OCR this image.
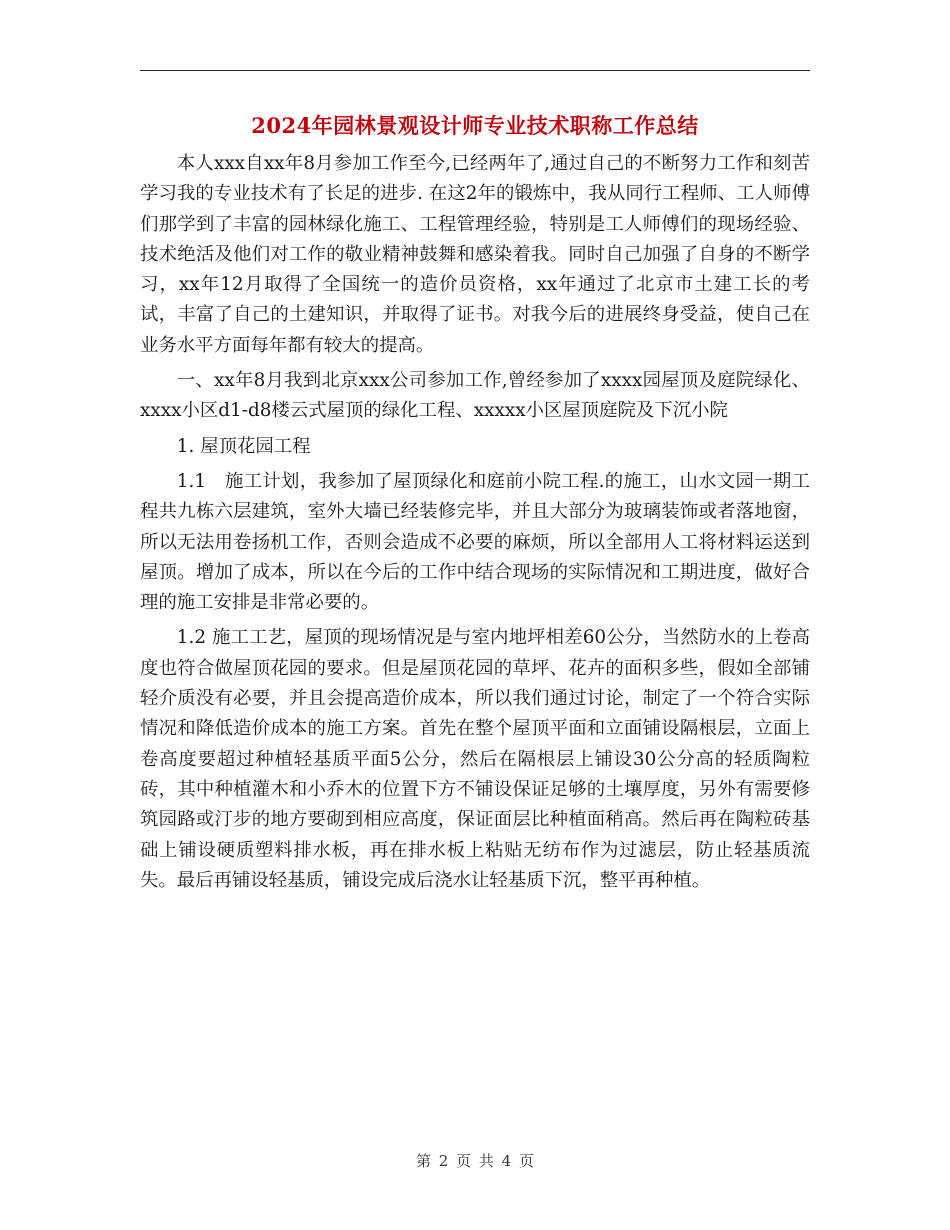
2024年园林景观设计师专业技术职称工作总结

本人xxx自xx年8月参加工作至今,已经两年了,通过自己的不断努力工作和刻苦学习我的专业技术有了长足的进步. 在这2年的锻炼中，我从同行工程师、工人师傅们那学到了丰富的园林绿化施工、工程管理经验，特别是工人师傅们的现场经验、技术绝活及他们对工作的敬业精神鼓舞和感染着我。同时自己加强了自身的不断学习，xx年12月取得了全国统一的造价员资格，xx年通过了北京市土建工长的考试，丰富了自己的土建知识，并取得了证书。对我今后的进展终身受益，使自己在业务水平方面每年都有较大的提高。

一、xx年8月我到北京xxx公司参加工作,曾经参加了xxxx园屋顶及庭院绿化、xxxx小区d1-d8楼云式屋顶的绿化工程、xxxxx小区屋顶庭院及下沉小院

1. 屋顶花园工程

1.1　施工计划，我参加了屋顶绿化和庭前小院工程.的施工，山水文园一期工程共九栋六层建筑，室外大墙已经装修完毕，并且大部分为玻璃装饰或者落地窗，所以无法用卷扬机工作，否则会造成不必要的麻烦，所以全部用人工将材料运送到屋顶。增加了成本，所以在今后的工作中结合现场的实际情况和工期进度，做好合理的施工安排是非常必要的。

1.2 施工工艺，屋顶的现场情况是与室内地坪相差60公分，当然防水的上卷高度也符合做屋顶花园的要求。但是屋顶花园的草坪、花卉的面积多些，假如全部铺轻介质没有必要，并且会提高造价成本，所以我们通过讨论，制定了一个符合实际情况和降低造价成本的施工方案。首先在整个屋顶平面和立面铺设隔根层，立面上卷高度要超过种植轻基质平面5公分，然后在隔根层上铺设30公分高的轻质陶粒砖，其中种植灌木和小乔木的位置下方不铺设保证足够的土壤厚度，另外有需要修筑园路或汀步的地方要砌到相应高度，保证面层比种植面稍高。然后再在陶粒砖基础上铺设硬质塑料排水板，再在排水板上粘贴无纺布作为过滤层，防止轻基质流失。最后再铺设轻基质，铺设完成后浇水让轻基质下沉，整平再种植。

第 2 页 共 4 页
